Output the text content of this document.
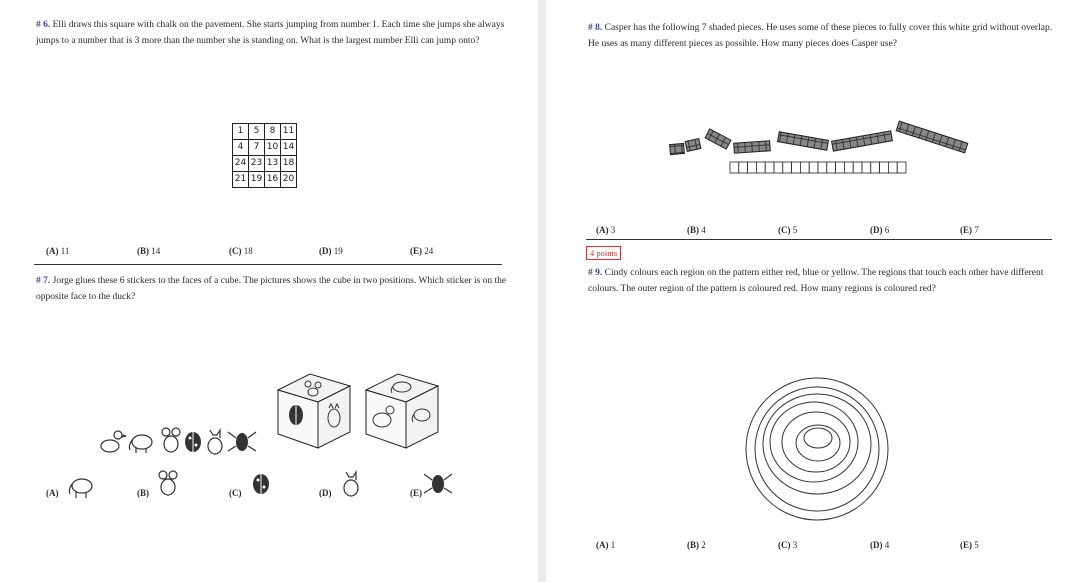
# 6. Elli draws this square with chalk on the pavement. She starts jumping from number 1. Each time she jumps she always jumps to a number that is 3 more than the number she is standing on. What is the largest number Elli can jump onto?
1	5	8	11
4	7	10	14
24	23	13	18
21	19	16	20
(A) 11	(B) 14	(C) 18	(D) 19	(E) 24
# 7. Jorge glues these 6 stickers to the faces of a cube. The pictures shows the cube in two positions. Which sticker is on the opposite face to the duck?
(A)	(B)	(C)	(D)	(E)
# 8. Casper has the following 7 shaded pieces. He uses some of these pieces to fully cover this white grid without overlap. He uses as many different pieces as possible. How many pieces does Casper use?
(A) 3	(B) 4	(C) 5	(D) 6	(E) 7
4 points
# 9. Cindy colours each region on the pattern either red, blue or yellow. The regions that touch each other have different colours. The outer region of the pattern is coloured red. How many regions is coloured red?
(A) 1	(B) 2	(C) 3	(D) 4	(E) 5
